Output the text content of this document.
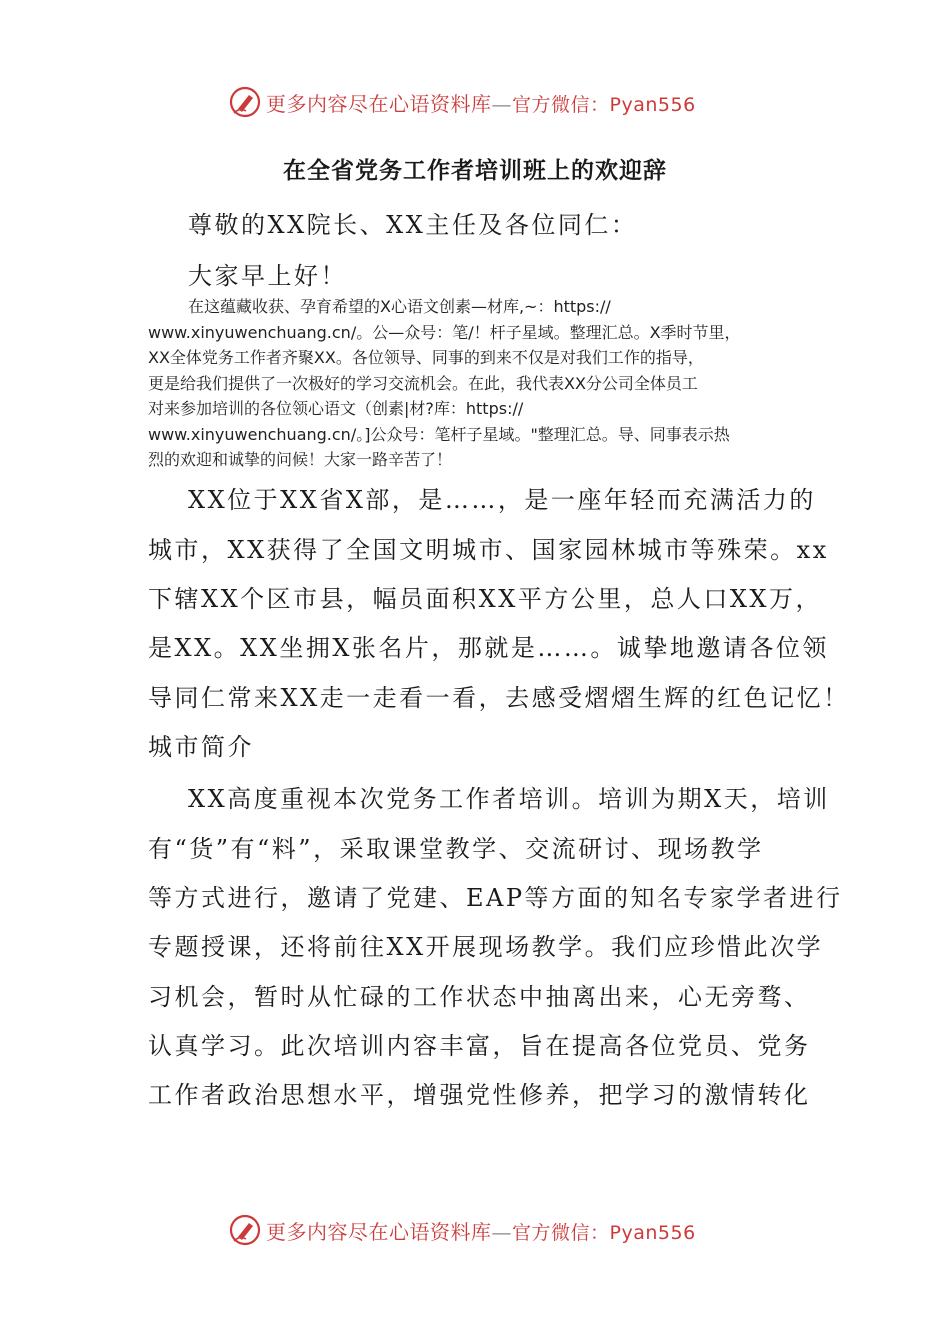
更多内容尽在心语资料库—官方微信：Pyan556
在全省党务工作者培训班上的欢迎辞

尊敬的XX院长、XX主任及各位同仁：

大家早上好！

在这蕴藏收获、孕育希望的X心语文创素—材库,~：https://
www.xinyuwenchuang.cn/。公—众号：笔/！杆子星域。整理汇总。X季时节里，
XX全体党务工作者齐聚XX。各位领导、同事的到来不仅是对我们工作的指导，
更是给我们提供了一次极好的学习交流机会。在此，我代表XX分公司全体员工
对来参加培训的各位领心语文（创素|材?库：https://
www.xinyuwenchuang.cn/。]公众号：笔杆子星域。"整理汇总。导、同事表示热
烈的欢迎和诚挚的问候！大家一路辛苦了！

XX位于XX省X部，是……，是一座年轻而充满活力的

城市，XX获得了全国文明城市、国家园林城市等殊荣。xx

下辖XX个区市县，幅员面积XX平方公里，总人口XX万，

是XX。XX坐拥X张名片，那就是……。诚挚地邀请各位领

导同仁常来XX走一走看一看，去感受熠熠生辉的红色记忆！

城市简介

XX高度重视本次党务工作者培训。培训为期X天，培训

有“货”有“料”，采取课堂教学、交流研讨、现场教学

等方式进行，邀请了党建、EAP等方面的知名专家学者进行

专题授课，还将前往XX开展现场教学。我们应珍惜此次学

习机会，暂时从忙碌的工作状态中抽离出来，心无旁骛、

认真学习。此次培训内容丰富，旨在提高各位党员、党务

工作者政治思想水平，增强党性修养，把学习的激情转化

更多内容尽在心语资料库—官方微信：Pyan556
